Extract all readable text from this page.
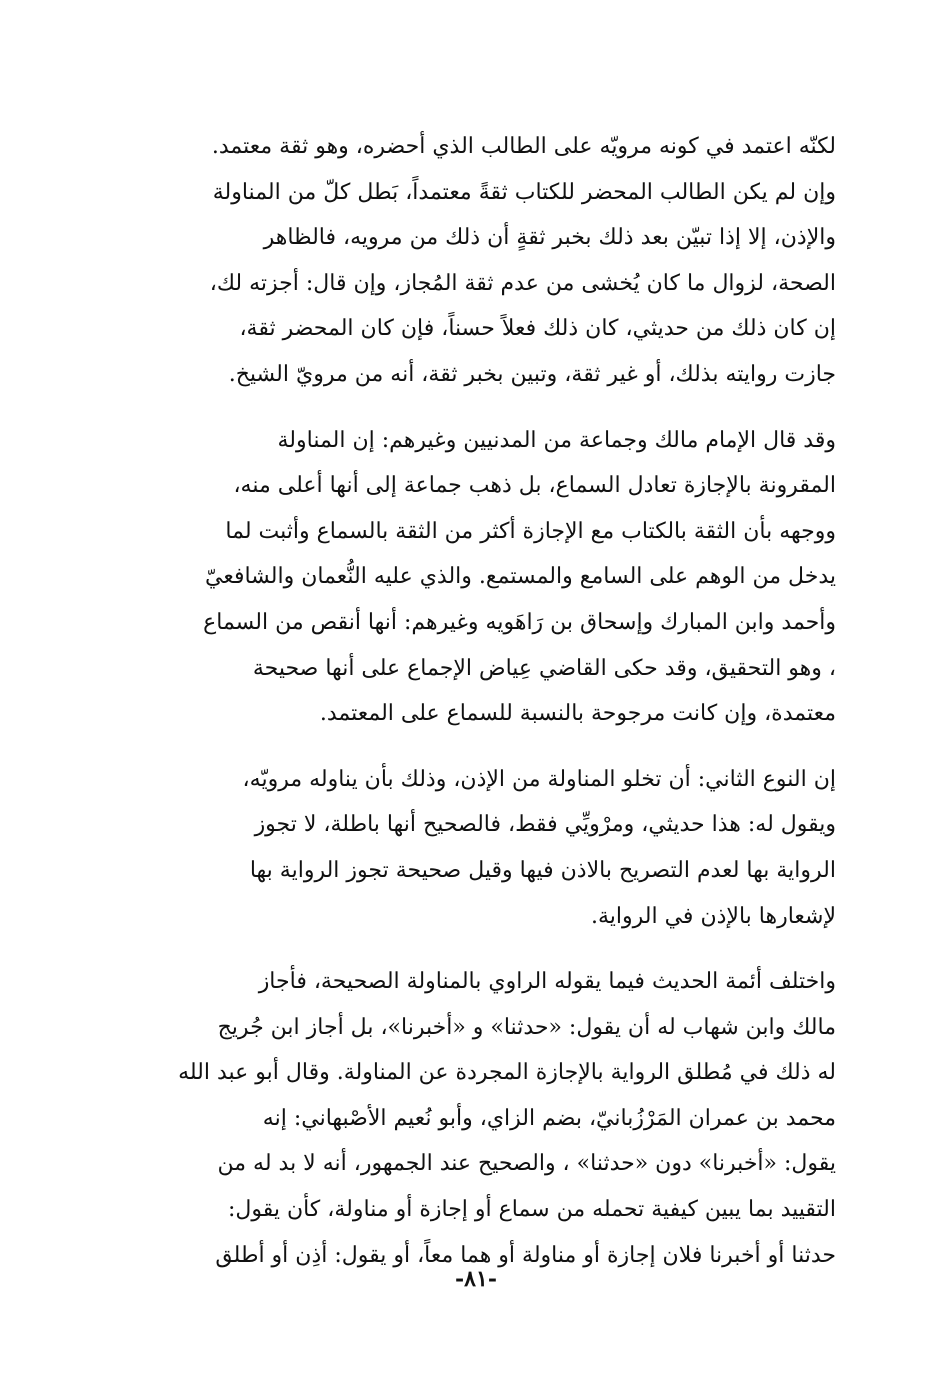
لكنّه اعتمد في كونه مرويّه على الطالب الذي أحضره، وهو ثقة معتمد.
وإن لم يكن الطالب المحضر للكتاب ثقةً معتمداً، بَطل كلّ من المناولة
والإذن، إلا إذا تبيّن بعد ذلك بخبر ثقةٍ أن ذلك من مرويه، فالظاهر
الصحة، لزوال ما كان يُخشى من عدم ثقة المُجاز، وإن قال: أجزته لك،
إن كان ذلك من حديثي، كان ذلك فعلاً حسناً، فإن كان المحضر ثقة،
جازت روايته بذلك، أو غير ثقة، وتبين بخبر ثقة، أنه من مرويّ الشيخ.

وقد قال الإمام مالك وجماعة من المدنيين وغيرهم: إن المناولة
المقرونة بالإجازة تعادل السماع، بل ذهب جماعة إلى أنها أعلى منه،
ووجهه بأن الثقة بالكتاب مع الإجازة أكثر من الثقة بالسماع وأثبت لما
يدخل من الوهم على السامع والمستمع. والذي عليه النُّعمان والشافعيّ
وأحمد وابن المبارك وإسحاق بن رَاهَويه وغيرهم: أنها أنقص من السماع
، وهو التحقيق، وقد حكى القاضي عِياض الإجماع على أنها صحيحة
معتمدة، وإن كانت مرجوحة بالنسبة للسماع على المعتمد.

إن النوع الثاني: أن تخلو المناولة من الإذن، وذلك بأن يناوله مرويّه،
ويقول له: هذا حديثي، ومرْويِّي فقط، فالصحيح أنها باطلة، لا تجوز
الرواية بها لعدم التصريح بالاذن فيها وقيل صحيحة تجوز الرواية بها
لإشعارها بالإذن في الرواية.

واختلف أئمة الحديث فيما يقوله الراوي بالمناولة الصحيحة، فأجاز
مالك وابن شهاب له أن يقول: «حدثنا» و «أخبرنا»، بل أجاز ابن جُريج
له ذلك في مُطلق الرواية بالإجازة المجردة عن المناولة. وقال أبو عبد الله
محمد بن عمران المَرْزُبانيّ، بضم الزاي، وأبو نُعيم الأصْبهاني: إنه
يقول: «أخبرنا» دون «حدثنا» ، والصحيح عند الجمهور، أنه لا بد له من
التقييد بما يبين كيفية تحمله من سماع أو إجازة أو مناولة، كأن يقول:
حدثنا أو أخبرنا فلان إجازة أو مناولة أو هما معاً، أو يقول: أذِن أو أطلق

-٨١-
